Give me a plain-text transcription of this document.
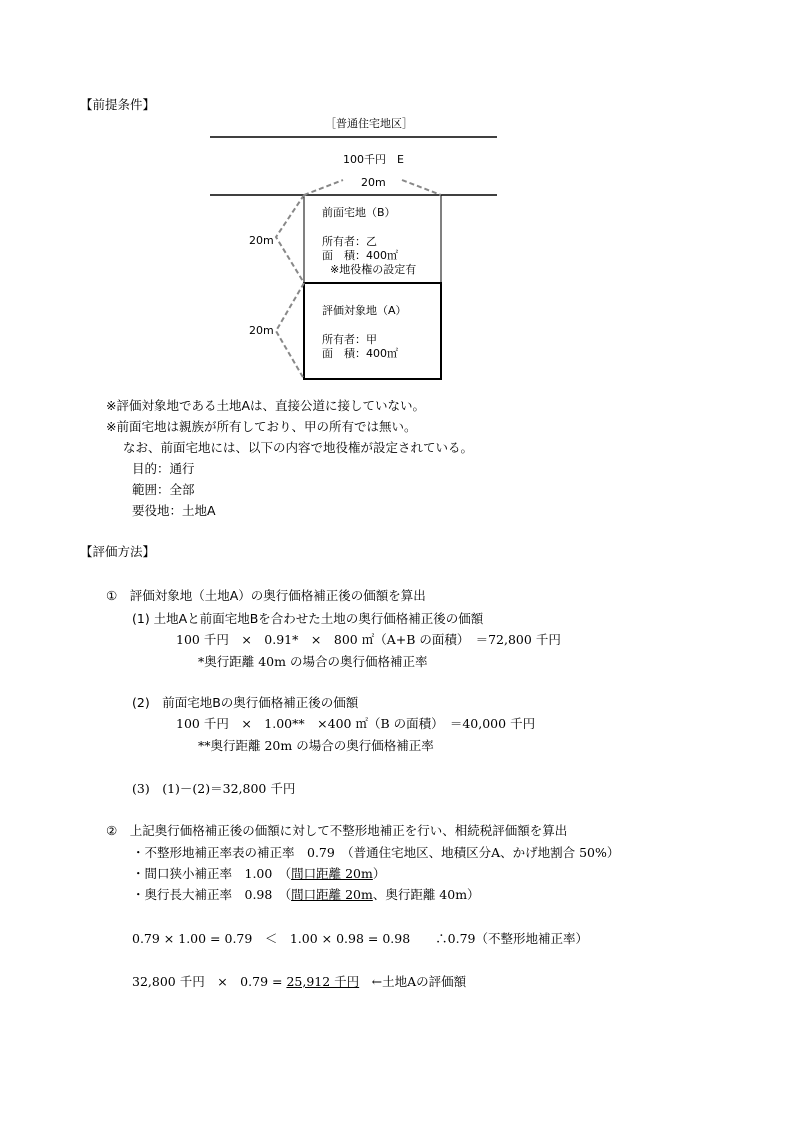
【前提条件】
［普通住宅地区］
100千円　E
20m
20m
20m
前面宅地（B）
所有者：乙
面　積：400㎡
※地役権の設定有
評価対象地（A）
所有者：甲
面　積：400㎡
※評価対象地である土地Aは、直接公道に接していない。
※前面宅地は親族が所有しており、甲の所有では無い。
なお、前面宅地には、以下の内容で地役権が設定されている。
目的：通行
範囲：全部
要役地：土地A
【評価方法】
①　評価対象地（土地A）の奥行価格補正後の価額を算出
(1) 土地Aと前面宅地Bを合わせた土地の奥行価格補正後の価額
100 千円　×　0.91*　×　800 ㎡（A+B の面積）　＝72,800 千円
*奥行距離 40m の場合の奥行価格補正率
(2)　前面宅地Bの奥行価格補正後の価額
100 千円　×　1.00**　×400 ㎡（B の面積）　＝40,000 千円
**奥行距離 20m の場合の奥行価格補正率
(3)　(1)－(2)＝32,800 千円
②　上記奥行価格補正後の価額に対して不整形地補正を行い、相続税評価額を算出
・不整形地補正率表の補正率　0.79　（普通住宅地区、地積区分A、かげ地割合 50%）
・間口狭小補正率　1.00　（間口距離 20m）
・奥行長大補正率　0.98　（間口距離 20m、奥行距離 40m）
0.79 × 1.00 = 0.79　＜　1.00 × 0.98 = 0.98　　∴0.79（不整形地補正率）
32,800 千円　×　0.79 = 25,912 千円　 ←土地Aの評価額
